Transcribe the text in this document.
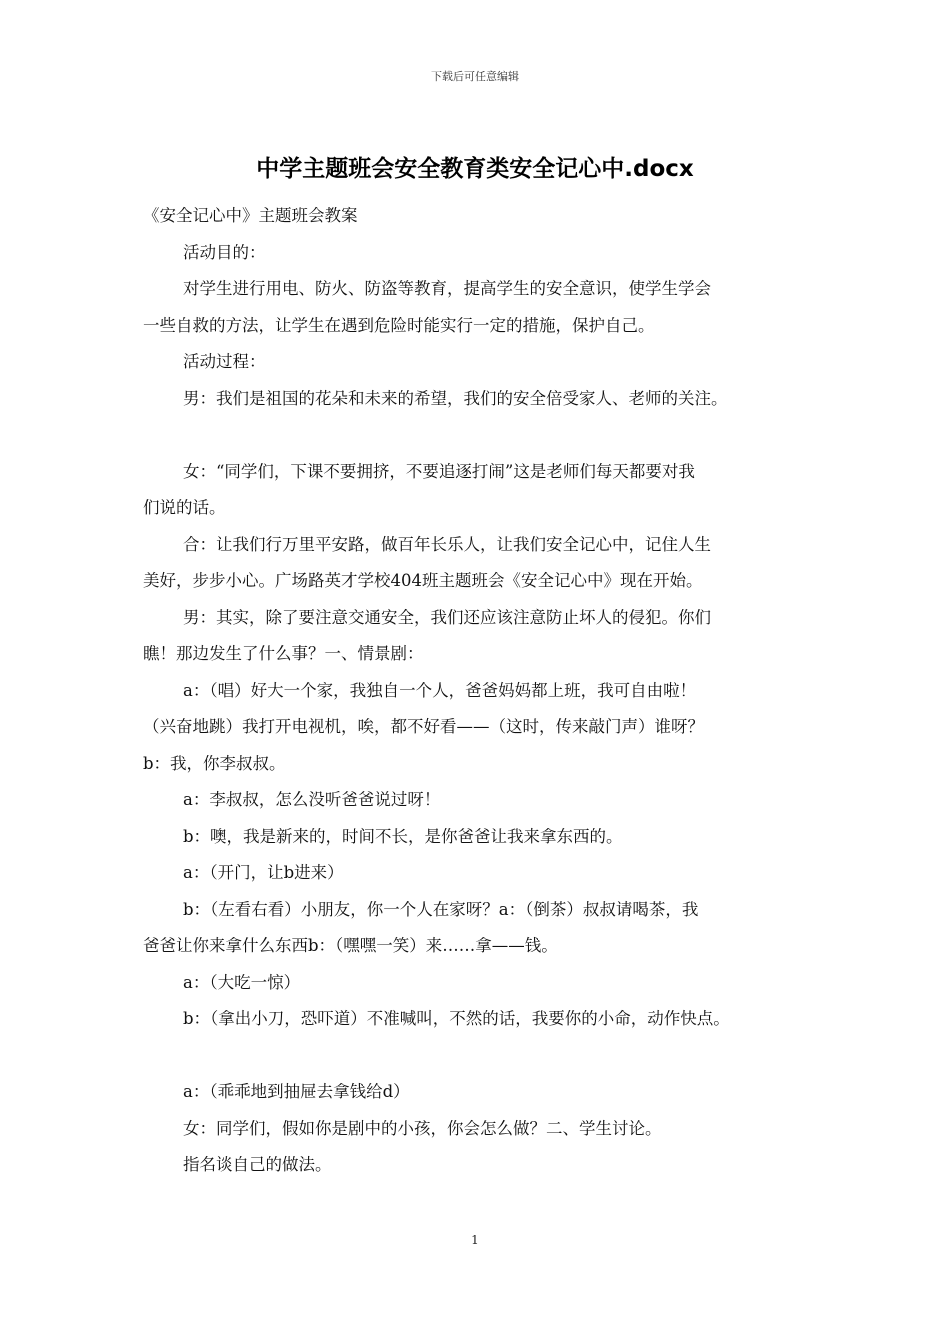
下载后可任意编辑
中学主题班会安全教育类安全记心中.docx

《安全记心中》主题班会教案

活动目的：

对学生进行用电、防火、防盗等教育，提高学生的安全意识，使学生学会

一些自救的方法，让学生在遇到危险时能实行一定的措施，保护自己。

活动过程：

男：我们是祖国的花朵和未来的希望，我们的安全倍受家人、老师的关注。

女：“同学们，下课不要拥挤，不要追逐打闹”这是老师们每天都要对我

们说的话。

合：让我们行万里平安路，做百年长乐人，让我们安全记心中，记住人生

美好，步步小心。广场路英才学校404班主题班会《安全记心中》现在开始。

男：其实，除了要注意交通安全，我们还应该注意防止坏人的侵犯。你们

瞧！那边发生了什么事？一、情景剧：

a：（唱）好大一个家，我独自一个人，爸爸妈妈都上班，我可自由啦！

（兴奋地跳）我打开电视机，唉，都不好看——（这时，传来敲门声）谁呀？

b：我，你李叔叔。

a：李叔叔，怎么没听爸爸说过呀！

b：噢，我是新来的，时间不长，是你爸爸让我来拿东西的。

a：（开门，让b进来）

b：（左看右看）小朋友，你一个人在家呀？a：（倒茶）叔叔请喝茶，我

爸爸让你来拿什么东西b：（嘿嘿一笑）来……拿——钱。

a：（大吃一惊）

b：（拿出小刀，恐吓道）不准喊叫，不然的话，我要你的小命，动作快点。

a：（乖乖地到抽屉去拿钱给d）

女：同学们，假如你是剧中的小孩，你会怎么做？二、学生讨论。

指名谈自己的做法。

1
